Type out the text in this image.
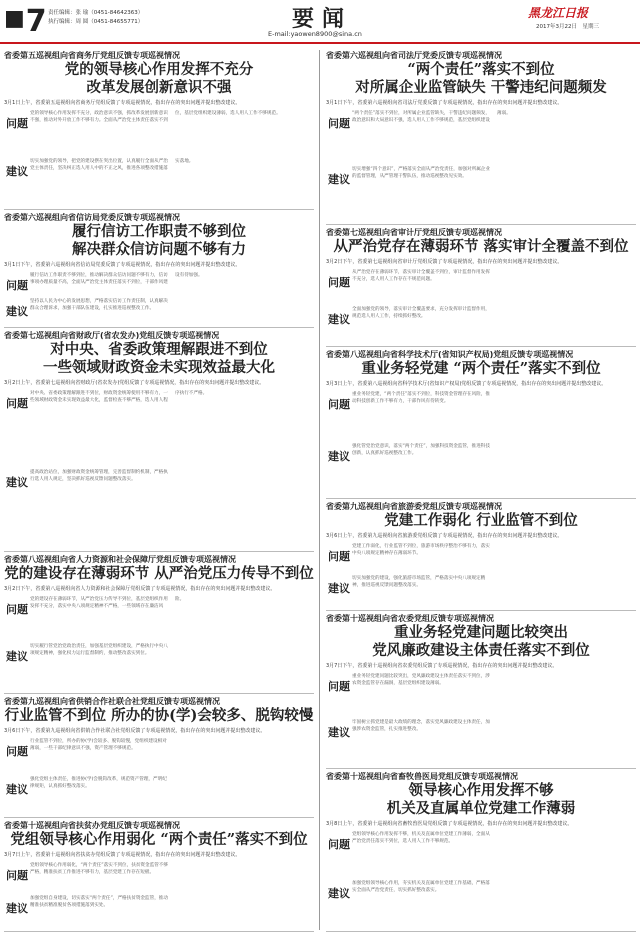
■7 责任编辑：张 瑜（0451-84642363）
执行编辑：周 圆（0451-84655771）	要闻
E-mail:yaowen8900@sina.cn
黑龙江日报
2017年3月22日　星期三
省委第五巡视组向省商务厅党组反馈专项巡视情况
党的领导核心作用发挥不充分
改革发展创新意识不强
3月1日上午，省委第五巡视组向省商务厅党组反馈了专项巡视情况，指出存在的突出问题并提出整改建议。
问题
党的领导核心作用发挥不充分，政治意识不强，抓改革发展创新意识不强，推动对外开放工作不够有力。全面从严治党主体责任落实不到位，基层党组织建设薄弱，选人用人工作不够规范。
建议
切实加强党的领导，把党的建设摆在突出位置，认真履行全面从严治党主体责任，坚决纠正选人用人中的不正之风，推进各项整改措施落实落地。
省委第六巡视组向省信访局党委反馈专项巡视情况
履行信访工作职责不够到位
解决群众信访问题不够有力
3月1日下午，省委第六巡视组向省信访局党委反馈了专项巡视情况，指出存在的突出问题并提出整改建议。
问题
履行信访工作职责不够到位，推动解决群众信访问题不够有力，信访事项办理质量不高，全面从严治党主体责任落实不到位，干部作风建设有待加强。
建议
坚持以人民为中心的发展思想，严格落实信访工作责任制，认真解决群众合理诉求，加强干部队伍建设，扎实推进巡视整改工作。
省委第七巡视组向省财政厅(省农发办)党组反馈专项巡视情况
对中央、省委政策理解跟进不到位
一些领域财政资金未实现效益最大化
3月2日上午，省委第七巡视组向省财政厅(省农发办)党组反馈了专项巡视情况，指出存在的突出问题并提出整改建议。
问题
对中央、省委政策理解跟进不到位，财政资金统筹使用不够有力，一些领域财政资金未实现效益最大化，监督检查不够严格，选人用人程序执行不严格。
建议
提高政治站位，加强财政资金统筹管理，完善监督制约机制，严格执行选人用人规定，坚决抓好巡视反馈问题整改落实。
省委第八巡视组向省人力资源和社会保障厅党组反馈专项巡视情况
党的建设存在薄弱环节 从严治党压力传导不到位
3月2日下午，省委第八巡视组向省人力资源和社会保障厅党组反馈了专项巡视情况，指出存在的突出问题并提出整改建议。
问题
党的建设存在薄弱环节，从严治党压力传导不到位，基层党组织作用发挥不充分，落实中央八项规定精神不严格，一些领域存在廉洁风险。
建议
切实履行管党治党政治责任，加强基层党组织建设，严格执行中央八项规定精神，强化权力运行监督制约，推动整改落实到位。
省委第九巡视组向省供销合作社联合社党组反馈专项巡视情况
行业监管不到位 所办的协(学)会较多、脱钩较慢
3月6日下午，省委第九巡视组向省供销合作社联合社党组反馈了专项巡视情况，指出存在的突出问题并提出整改建议。
问题
行业监管不到位，所办的协(学)会较多、脱钩较慢，党组织建设相对薄弱，一些干部纪律意识不强，资产管理不够规范。
建议
强化党组主体责任，推进协(学)会脱钩改革，规范资产管理，严明纪律规矩，认真抓好整改落实。
省委第十巡视组向省扶贫办党组反馈专项巡视情况
党组领导核心作用弱化 “两个责任”落实不到位
3月7日上午，省委第十巡视组向省扶贫办党组反馈了专项巡视情况，指出存在的突出问题并提出整改建议。
问题
党组领导核心作用弱化，“两个责任”落实不到位，扶贫资金监管不够严格，精准扶贫工作推进不够有力，基层党建工作存在短板。
建议
加强党组自身建设，切实落实“两个责任”，严格扶贫资金监管，推动精准扶贫精准脱贫各项措施落到实处。
省委第六巡视组向省司法厅党委反馈专项巡视情况
“两个责任”落实不到位
对所属企业监管缺失 干警违纪问题频发
3月1日下午，省委第六巡视组向省司法厅党委反馈了专项巡视情况，指出存在的突出问题并提出整改建议。
问题
“两个责任”落实不到位，对所属企业监管缺失，干警违纪问题频发，政治意识和大局意识不强，选人用人工作不够规范，基层党组织建设薄弱。
建议
切实增强“四个意识”，严格落实全面从严治党责任，加强对所属企业的监督管理，从严管理干警队伍，推动巡视整改见实效。
省委第七巡视组向省审计厅党组反馈专项巡视情况
从严治党存在薄弱环节 落实审计全覆盖不到位
3月2日下午，省委第七巡视组向省审计厅党组反馈了专项巡视情况，指出存在的突出问题并提出整改建议。
问题
从严治党存在薄弱环节，落实审计全覆盖不到位，审计监督作用发挥不充分，选人用人工作存在不规范问题。
建议
全面加强党的领导，落实审计全覆盖要求，充分发挥审计监督作用，规范选人用人工作，持续抓好整改。
省委第八巡视组向省科学技术厅(省知识产权局)党组反馈专项巡视情况
重业务轻党建 “两个责任”落实不到位
3月3日上午，省委第八巡视组向省科学技术厅(省知识产权局)党组反馈了专项巡视情况，指出存在的突出问题并提出整改建议。
问题
重业务轻党建，“两个责任”落实不到位，科技资金管理存在风险，推动科技创新工作不够有力，干部作风有待转变。
建议
强化管党治党意识，落实“两个责任”，加强科技资金监管，推进科技创新，认真抓好巡视整改工作。
省委第九巡视组向省旅游委党组反馈专项巡视情况
党建工作弱化 行业监管不到位
3月6日上午，省委第九巡视组向省旅游委党组反馈了专项巡视情况，指出存在的突出问题并提出整改建议。
问题
党建工作弱化，行业监管不到位，旅游市场秩序整治不够有力，落实中央八项规定精神存在薄弱环节。
建议
切实加强党的建设，强化旅游市场监管，严格落实中央八项规定精神，推进巡视反馈问题整改落实。
省委第十巡视组向省农委党组反馈专项巡视情况
重业务轻党建问题比较突出
党风廉政建设主体责任落实不到位
3月7日下午，省委第十巡视组向省农委党组反馈了专项巡视情况，指出存在的突出问题并提出整改建议。
问题
重业务轻党建问题比较突出，党风廉政建设主体责任落实不到位，涉农资金监管存在漏洞，基层党组织建设薄弱。
建议
牢固树立抓党建是最大政绩的理念，落实党风廉政建设主体责任，加强涉农资金监管，扎实推进整改。
省委第十巡视组向省畜牧兽医局党组反馈专项巡视情况
领导核心作用发挥不够
机关及直属单位党建工作薄弱
3月8日上午，省委第十巡视组向省畜牧兽医局党组反馈了专项巡视情况，指出存在的突出问题并提出整改建议。
问题
党组领导核心作用发挥不够，机关及直属单位党建工作薄弱，全面从严治党责任落实不到位，选人用人工作不够规范。
建议
加强党组领导核心作用，夯实机关及直属单位党建工作基础，严格落实全面从严治党责任，切实抓好整改落实。
